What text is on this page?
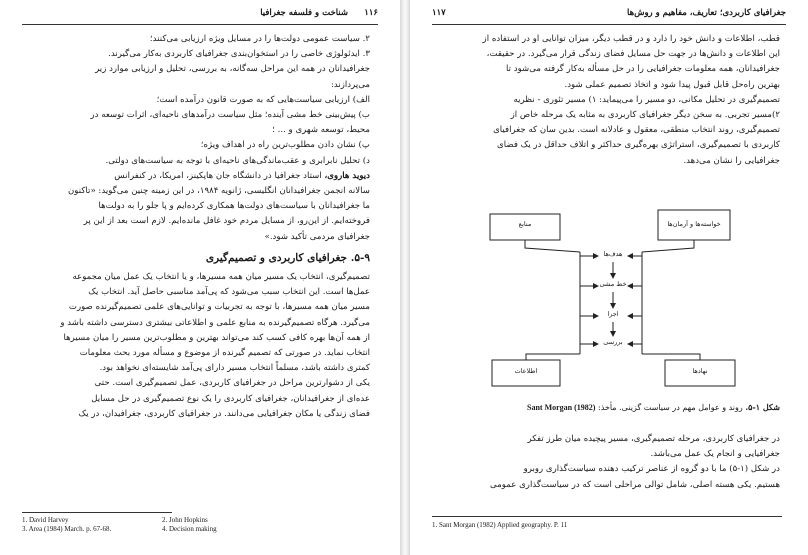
۱۱۶
شناخت و فلسفه جغرافیا

۲. سیاست عمومی دولت‌ها را در مسایل ویژه ارزیابی می‌کنند؛

۳. ایدئولوژی خاصی را در استخوان‌بندی جغرافیای کاربردی به‌کار می‌گیرند.

جغرافیدانان در همه این مراحل سه‌گانه، به بررسی، تحلیل و ارزیابی موارد زیر

می‌پردازند:

الف) ارزیابی سیاست‌هایی که به صورت قانون درآمده است؛

ب) پیش‌بینی خط مشی آینده؛ مثل سیاست درآمدهای ناحیه‌ای، اثرات توسعه در

محیط، توسعه شهری و ... ؛

پ) نشان دادن مطلوب‌ترین راه در اهداف ویژه؛

د) تحلیل نابرابری و عقب‌ماندگی‌های ناحیه‌ای با توجه به سیاست‌های دولتی.

دیوید هاروی، استاد جغرافیا در دانشگاه جان هاپکینز، امریکا، در کنفرانس

سالانه انجمن جغرافیدانان انگلیسی، ژانویه ۱۹۸۴، در این زمینه چنین می‌گوید: «تاکنون

ما جغرافیدانان با سیاست‌های دولت‌ها همکاری کرده‌ایم و پا جلو را به دولت‌ها

فروخته‌ایم. از این‌رو، از مسایل مردم خود غافل مانده‌ایم. لازم است بعد از این پر

جغرافیای مردمی تأکید شود.»

۵-۹. جغرافیای کاربردی و تصمیم‌گیری

تصمیم‌گیری، انتخاب یک مسیر میان همه مسیرها، و یا انتخاب یک عمل میان مجموعه

عمل‌ها است. این انتخاب سبب می‌شود که پی‌آمد مناسبی حاصل آید. انتخاب یک

مسیر میان همه مسیرها، با توجه به تجربیات و توانایی‌های علمی تصمیم‌گیرنده صورت

می‌گیرد. هرگاه تصمیم‌گیرنده به منابع علمی و اطلاعاتی بیشتری دسترسی داشته باشد و

از همه آن‌ها بهره کافی کسب کند می‌تواند بهترین و مطلوب‌ترین مسیر را میان مسیرها

انتخاب نماید. در صورتی که تصمیم گیرنده از موضوع و مسأله مورد بحث معلومات

کمتری داشته باشد، مسلماً انتخاب مسیر دارای پی‌آمد شایسته‌ای نخواهد بود.

یکی از دشوارترین مراحل در جغرافیای کاربردی، عمل تصمیم‌گیری است. حتی

عده‌ای از جغرافیدانان، جغرافیای کاربردی را یک نوع تصمیم‌گیری در حل مسایل

فضای زندگی یا مکان جغرافیایی می‌دانند. در جغرافیای کاربردی، جغرافیدان، در یک

1. David Harvey	2. John Hopkins
3. Area (1984) March. p. 67-68.	4. Decision making
جغرافیای کاربردی؛ تعاریف، مفاهیم و روش‌ها
۱۱۷

قطب، اطلاعات و دانش خود را دارد و در قطب دیگر، میزان توانایی او در استفاده از

این اطلاعات و دانش‌ها در جهت حل مسایل فضای زندگی قرار می‌گیرد. در حقیقت،

جغرافیدانان، همه معلومات جغرافیایی را در حل مسأله به‌کار گرفته می‌شود تا

بهترین راه‌حل قابل قبول پیدا شود و اتخاذ تصمیم عملی شود.

تصمیم‌گیری در تحلیل مکانی، دو مسیر را می‌پیماید: ۱) مسیر تئوری - نظریه

۲)مسیر تجربی. به سخن دیگر جغرافیای کاربردی به مثابه یک مرحله خاص از

تصمیم‌گیری، روند انتخاب منطقی، معقول و عادلانه است. بدین سان که جغرافیای

کاربردی با تصمیم‌گیری، استراتژی بهره‌گیری حداکثر و اتلاف حداقل در یک فضای

جغرافیایی را نشان می‌دهد.

منابع	خواسته‌ها و آرمان‌ها
اطلاعات	نهادها
هدف‌ها
خط مشی
اجرا
بررسی
شکل ۱-۵. روند و عوامل مهم در سیاست گزینی. مأخذ: Sant Morgan (1982)

در جغرافیای کاربردی، مرحله تصمیم‌گیری، مسیر پیچیده میان طرز تفکر

جغرافیایی و انجام یک عمل می‌باشد.

در شکل (۱-۵) ما با دو گروه از عناصر ترکیب دهنده سیاست‌گذاری روبرو

هستیم. یکی هسته اصلی، شامل توالی مراحلی است که در سیاست‌گذاری عمومی

1. Sant Morgan (1982) Applied geography. P. 11
